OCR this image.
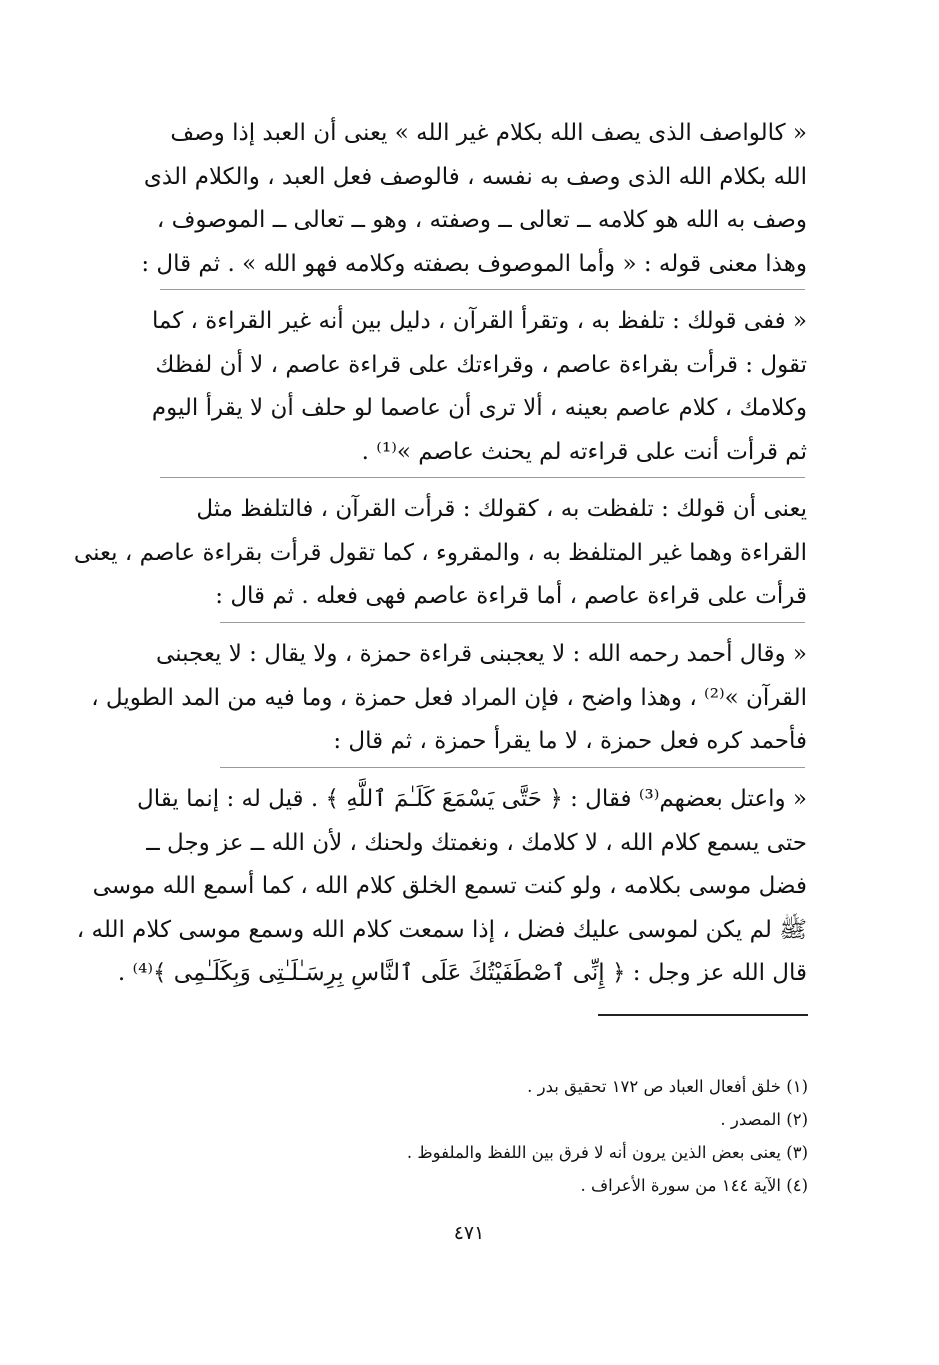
« كالواصف الذى يصف الله بكلام غير الله » يعنى أن العبد إذا وصف
الله بكلام الله الذى وصف به نفسه ، فالوصف فعل العبد ، والكلام الذى
وصف به الله هو كلامه ــ تعالى ــ وصفته ، وهو ــ تعالى ــ الموصوف ،
وهذا معنى قوله : « وأما الموصوف بصفته وكلامه فهو الله » . ثم قال :
« ففى قولك : تلفظ به ، وتقرأ القرآن ، دليل بين أنه غير القراءة ، كما
تقول : قرأت بقراءة عاصم ، وقراءتك على قراءة عاصم ، لا أن لفظك
وكلامك ، كلام عاصم بعينه ، ألا ترى أن عاصما لو حلف أن لا يقرأ اليوم
ثم قرأت أنت على قراءته لم يحنث عاصم »⁽¹⁾ .
يعنى أن قولك : تلفظت به ، كقولك : قرأت القرآن ، فالتلفظ مثل
القراءة وهما غير المتلفظ به ، والمقروء ، كما تقول قرأت بقراءة عاصم ، يعنى
قرأت على قراءة عاصم ، أما قراءة عاصم فهى فعله . ثم قال :
« وقال أحمد رحمه الله : لا يعجبنى قراءة حمزة ، ولا يقال : لا يعجبنى
القرآن »⁽²⁾ ، وهذا واضح ، فإن المراد فعل حمزة ، وما فيه من المد الطويل ،
فأحمد كره فعل حمزة ، لا ما يقرأ حمزة ، ثم قال :
« واعتل بعضهم⁽³⁾ فقال : ﴿ حَتَّى يَسْمَعَ كَلَـٰمَ ٱللَّهِ ﴾ . قيل له : إنما يقال
حتى يسمع كلام الله ، لا كلامك ، ونغمتك ولحنك ، لأن الله ــ عز وجل ــ
فضل موسى بكلامه ، ولو كنت تسمع الخلق كلام الله ، كما أسمع الله موسى
ﷺ لم يكن لموسى عليك فضل ، إذا سمعت كلام الله وسمع موسى كلام الله ،
قال الله عز وجل : ﴿ إِنِّى ٱصْطَفَيْتُكَ عَلَى ٱلنَّاسِ بِرِسَـٰلَـٰتِى وَبِكَلَـٰمِى ﴾⁽⁴⁾ .
(١) خلق أفعال العباد ص ١٧٢ تحقيق بدر .
(٢) المصدر .
(٣) يعنى بعض الذين يرون أنه لا فرق بين اللفظ والملفوظ .
(٤) الآية ١٤٤ من سورة الأعراف .
٤٧١
